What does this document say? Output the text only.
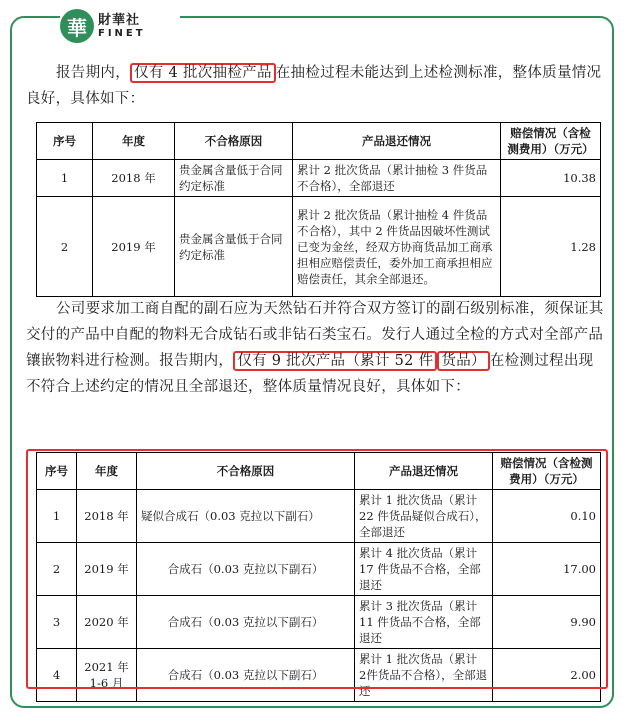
華 財華社
FINET

报告期内， 仅有 4 批次抽检产品 在抽检过程未能达到上述检测标准，整体质量情况良好，具体如下：

序号	年度	不合格原因	产品退还情况	赔偿情况（含检测费用）（万元）
1	2018 年	贵金属含量低于合同约定标准	累计 2 批次货品（累计抽检 3 件货品不合格），全部退还	10.38
2	2019 年	贵金属含量低于合同约定标准	累计 2 批次货品（累计抽检 4 件货品不合格），其中 2 件货品因破坏性测试已变为金丝，经双方协商货品加工商承担相应赔偿责任，委外加工商承担相应赔偿责任，其余全部退还。	1.28

公司要求加工商自配的副石应为天然钻石并符合双方签订的副石级别标准，须保证其交付的产品中自配的物料无合成钻石或非钻石类宝石。发行人通过全检的方式对全部产品镶嵌物料进行检测。报告期内， 仅有 9 批次产品（累计 52 件 货品） 在检测过程出现不符合上述约定的情况且全部退还，整体质量情况良好，具体如下：

序号	年度	不合格原因	产品退还情况	赔偿情况（含检测费用）（万元）
1	2018 年	疑似合成石（0.03 克拉以下副石）	累计 1 批次货品（累计 22 件货品疑似合成石），全部退还	0.10
2	2019 年	合成石（0.03 克拉以下副石）	累计 4 批次货品（累计 17 件货品不合格，全部退还	17.00
3	2020 年	合成石（0.03 克拉以下副石）	累计 3 批次货品（累计 11 件货品不合格，全部退还	9.90
4	2021 年 1-6 月	合成石（0.03 克拉以下副石）	累计 1 批次货品（累计 2件货品不合格），全部退还	2.00
